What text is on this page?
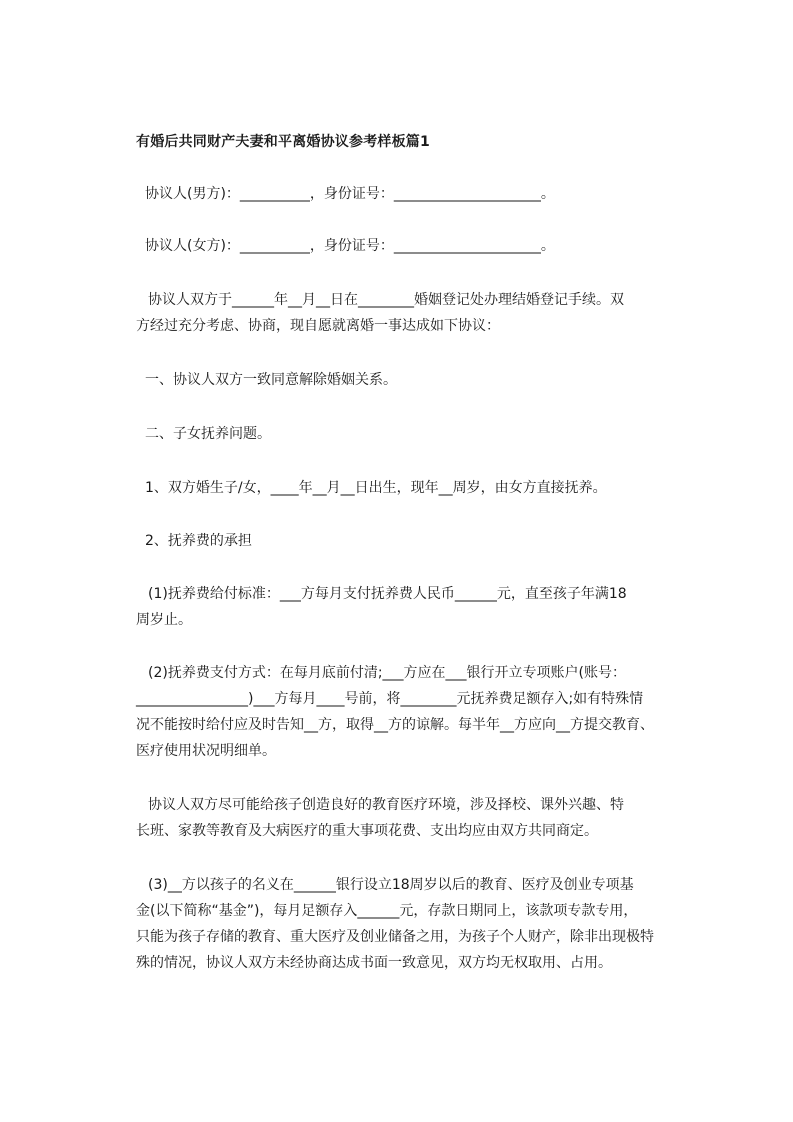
有婚后共同财产夫妻和平离婚协议参考样板篇1
协议人(男方)：__________，身份证号：_____________________。
协议人(女方)：__________，身份证号：_____________________。
协议人双方于______年__月__日在________婚姻登记处办理结婚登记手续。双
方经过充分考虑、协商，现自愿就离婚一事达成如下协议：
一、协议人双方一致同意解除婚姻关系。
二、子女抚养问题。
1、双方婚生子/女，____年__月__日出生，现年__周岁，由女方直接抚养。
2、抚养费的承担
(1)抚养费给付标准：___方每月支付抚养费人民币______元，直至孩子年满18
周岁止。
(2)抚养费支付方式：在每月底前付清;___方应在___银行开立专项账户(账号：
________________)___方每月____号前，将________元抚养费足额存入;如有特殊情
况不能按时给付应及时告知__方，取得__方的谅解。每半年__方应向__方提交教育、
医疗使用状况明细单。
协议人双方尽可能给孩子创造良好的教育医疗环境，涉及择校、课外兴趣、特
长班、家教等教育及大病医疗的重大事项花费、支出均应由双方共同商定。
(3)__方以孩子的名义在______银行设立18周岁以后的教育、医疗及创业专项基
金(以下简称“基金”)，每月足额存入______元，存款日期同上，该款项专款专用，
只能为孩子存储的教育、重大医疗及创业储备之用，为孩子个人财产，除非出现极特
殊的情况，协议人双方未经协商达成书面一致意见，双方均无权取用、占用。
